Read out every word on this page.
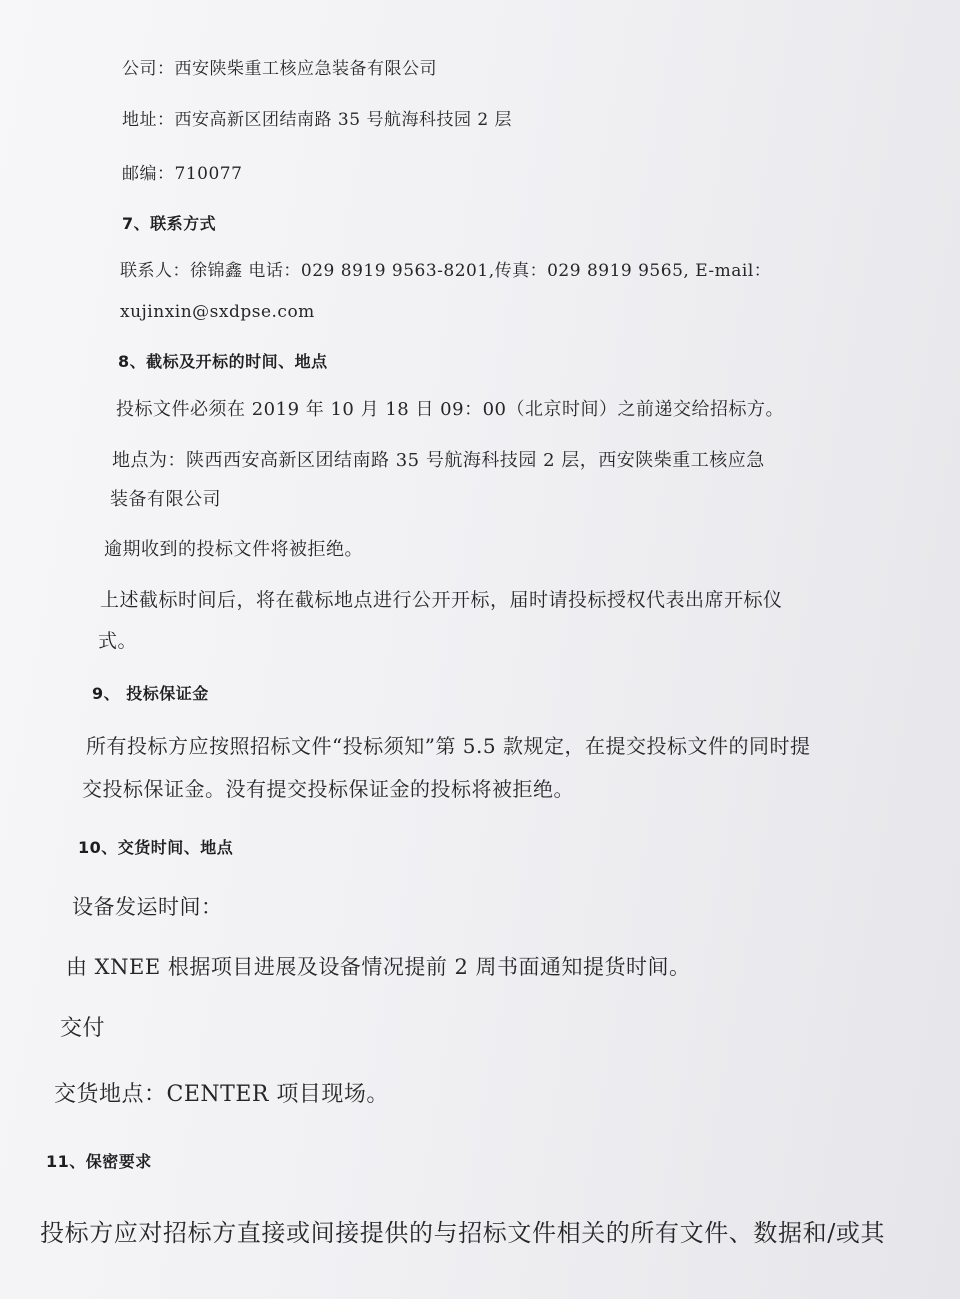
公司：西安陕柴重工核应急装备有限公司
地址：西安高新区团结南路 35 号航海科技园 2 层
邮编：710077
7、联系方式
联系人：徐锦鑫 电话：029 8919 9563-8201,传真：029 8919 9565, E-mail：
xujinxin@sxdpse.com
8、截标及开标的时间、地点
投标文件必须在 2019 年 10 月 18 日 09：00（北京时间）之前递交给招标方。
地点为：陕西西安高新区团结南路 35 号航海科技园 2 层，西安陕柴重工核应急
装备有限公司
逾期收到的投标文件将被拒绝。
上述截标时间后，将在截标地点进行公开开标，届时请投标授权代表出席开标仪
式。
9、 投标保证金
所有投标方应按照招标文件“投标须知”第 5.5 款规定，在提交投标文件的同时提
交投标保证金。没有提交投标保证金的投标将被拒绝。
10、交货时间、地点
设备发运时间：
由 XNEE 根据项目进展及设备情况提前 2 周书面通知提货时间。
交付
交货地点：CENTER 项目现场。
11、保密要求
投标方应对招标方直接或间接提供的与招标文件相关的所有文件、数据和/或其
